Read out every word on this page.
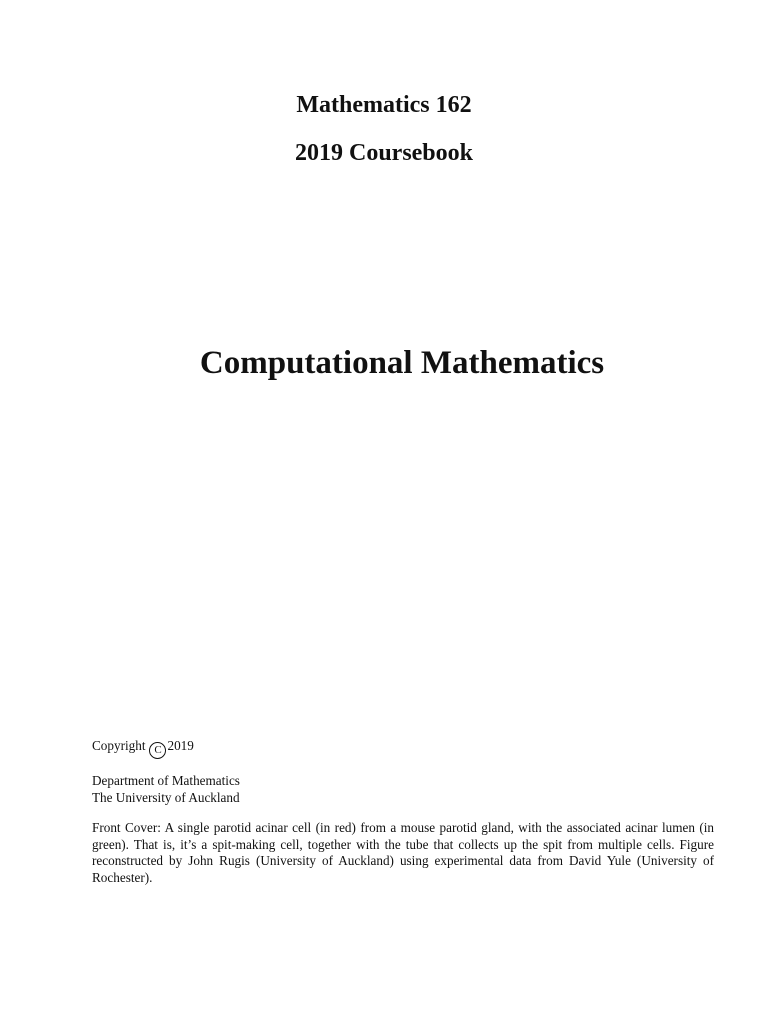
Mathematics 162
2019 Coursebook
Computational Mathematics

Copyright C 2019

Department of Mathematics

The University of Auckland

Front Cover: A single parotid acinar cell (in red) from a mouse parotid gland, with the associated acinar lumen (in green). That is, it’s a spit-making cell, together with the tube that collects up the spit from multiple cells. Figure reconstructed by John Rugis (University of Auckland) using experimental data from David Yule (University of Rochester).
